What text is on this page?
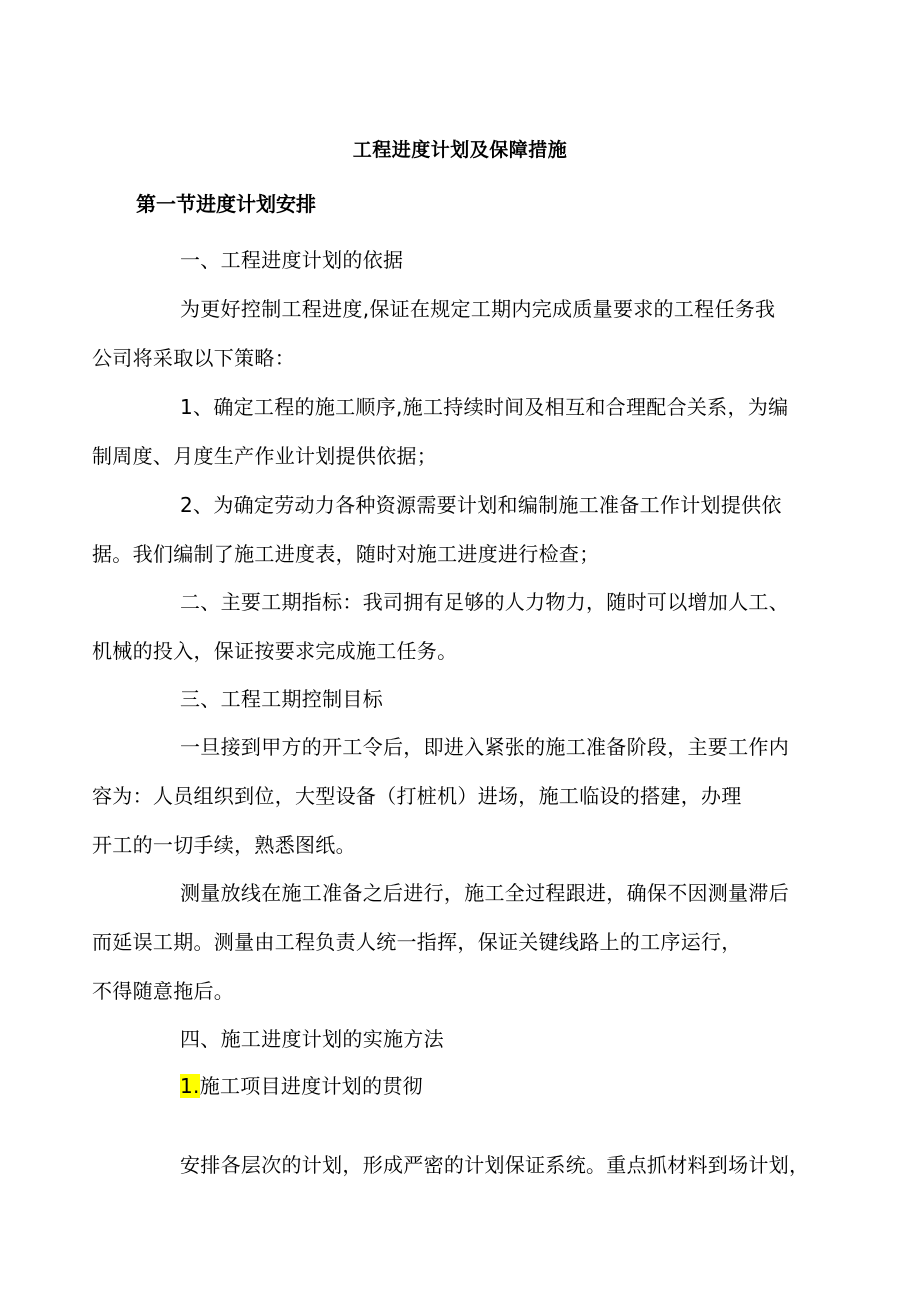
工程进度计划及保障措施
第一节进度计划安排

一、工程进度计划的依据

为更好控制工程进度,保证在规定工期内完成质量要求的工程任务我
公司将采取以下策略：

1、确定工程的施工顺序,施工持续时间及相互和合理配合关系，为编
制周度、月度生产作业计划提供依据；

2、为确定劳动力各种资源需要计划和编制施工准备工作计划提供依
据。我们编制了施工进度表，随时对施工进度进行检查；

二、主要工期指标：我司拥有足够的人力物力，随时可以增加人工、
机械的投入，保证按要求完成施工任务。

三、工程工期控制目标

一旦接到甲方的开工令后，即进入紧张的施工准备阶段，主要工作内
容为：人员组织到位，大型设备（打桩机）进场，施工临设的搭建，办理
开工的一切手续，熟悉图纸。

测量放线在施工准备之后进行，施工全过程跟进，确保不因测量滞后
而延误工期。测量由工程负责人统一指挥，保证关键线路上的工序运行，
不得随意拖后。

四、施工进度计划的实施方法

1.施工项目进度计划的贯彻

安排各层次的计划，形成严密的计划保证系统。重点抓材料到场计划，
